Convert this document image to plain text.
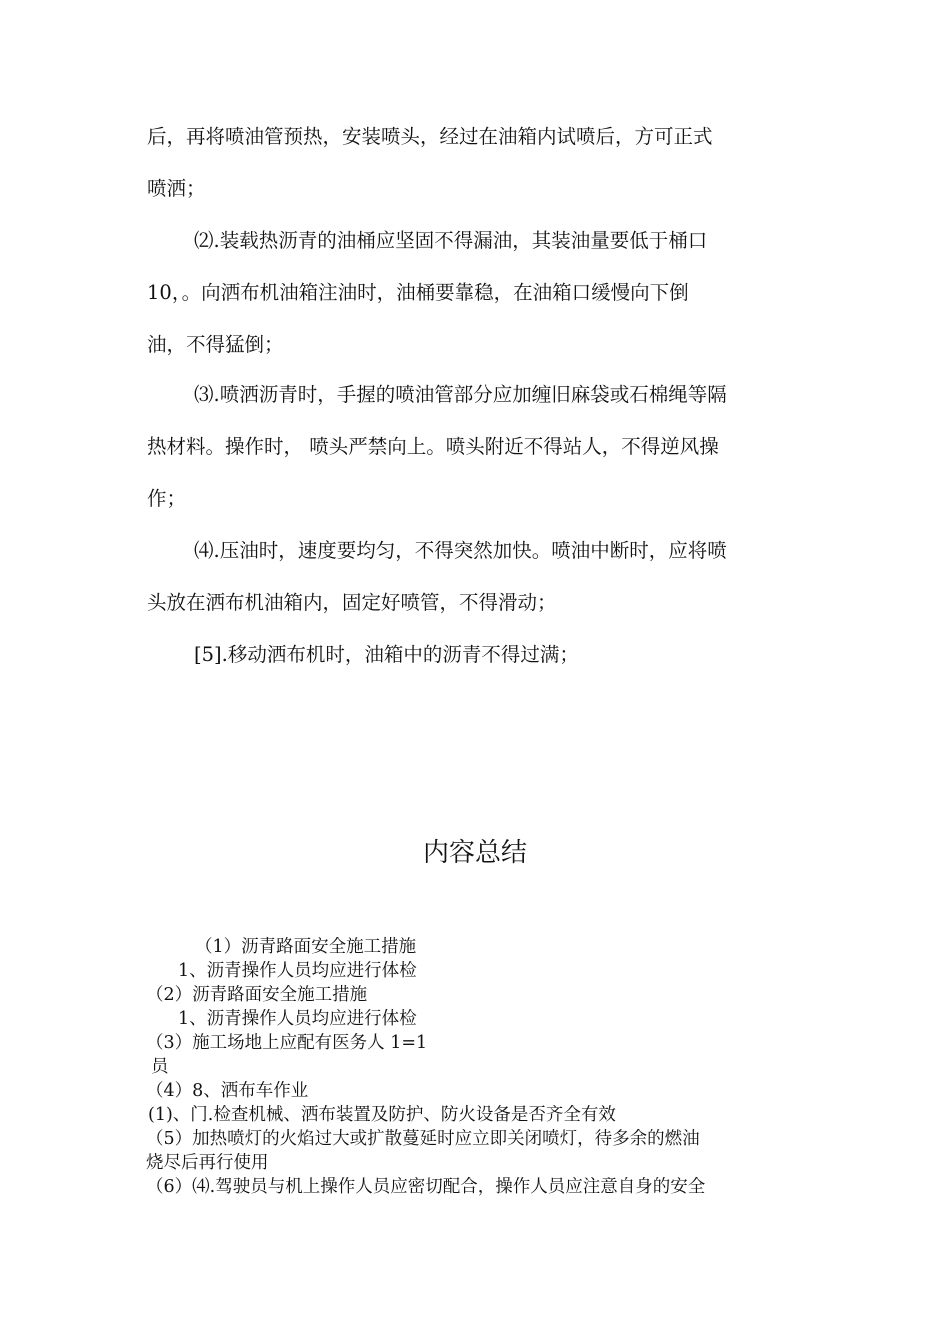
后，再将喷油管预热，安装喷头，经过在油箱内试喷后，方可正式
喷洒；
⑵.装载热沥青的油桶应坚固不得漏油，其装油量要低于桶口
10，。向洒布机油箱注油时，油桶要靠稳，在油箱口缓慢向下倒
油，不得猛倒；
⑶.喷洒沥青时，手握的喷油管部分应加缠旧麻袋或石棉绳等隔
热材料。操作时， 喷头严禁向上。喷头附近不得站人，不得逆风操
作；
⑷.压油时，速度要均匀，不得突然加快。喷油中断时，应将喷
头放在洒布机油箱内，固定好喷管，不得滑动；
[5].移动洒布机时，油箱中的沥青不得过满；
内容总结
（1）沥青路面安全施工措施
1、沥青操作人员均应进行体检
（2）沥青路面安全施工措施
1、沥青操作人员均应进行体检
（3）施工场地上应配有医务人 1=1
员
（4）8、洒布车作业
(1)、门.检查机械、洒布装置及防护、防火设备是否齐全有效
（5）加热喷灯的火焰过大或扩散蔓延时应立即关闭喷灯，待多余的燃油
烧尽后再行使用
（6）⑷.驾驶员与机上操作人员应密切配合，操作人员应注意自身的安全
